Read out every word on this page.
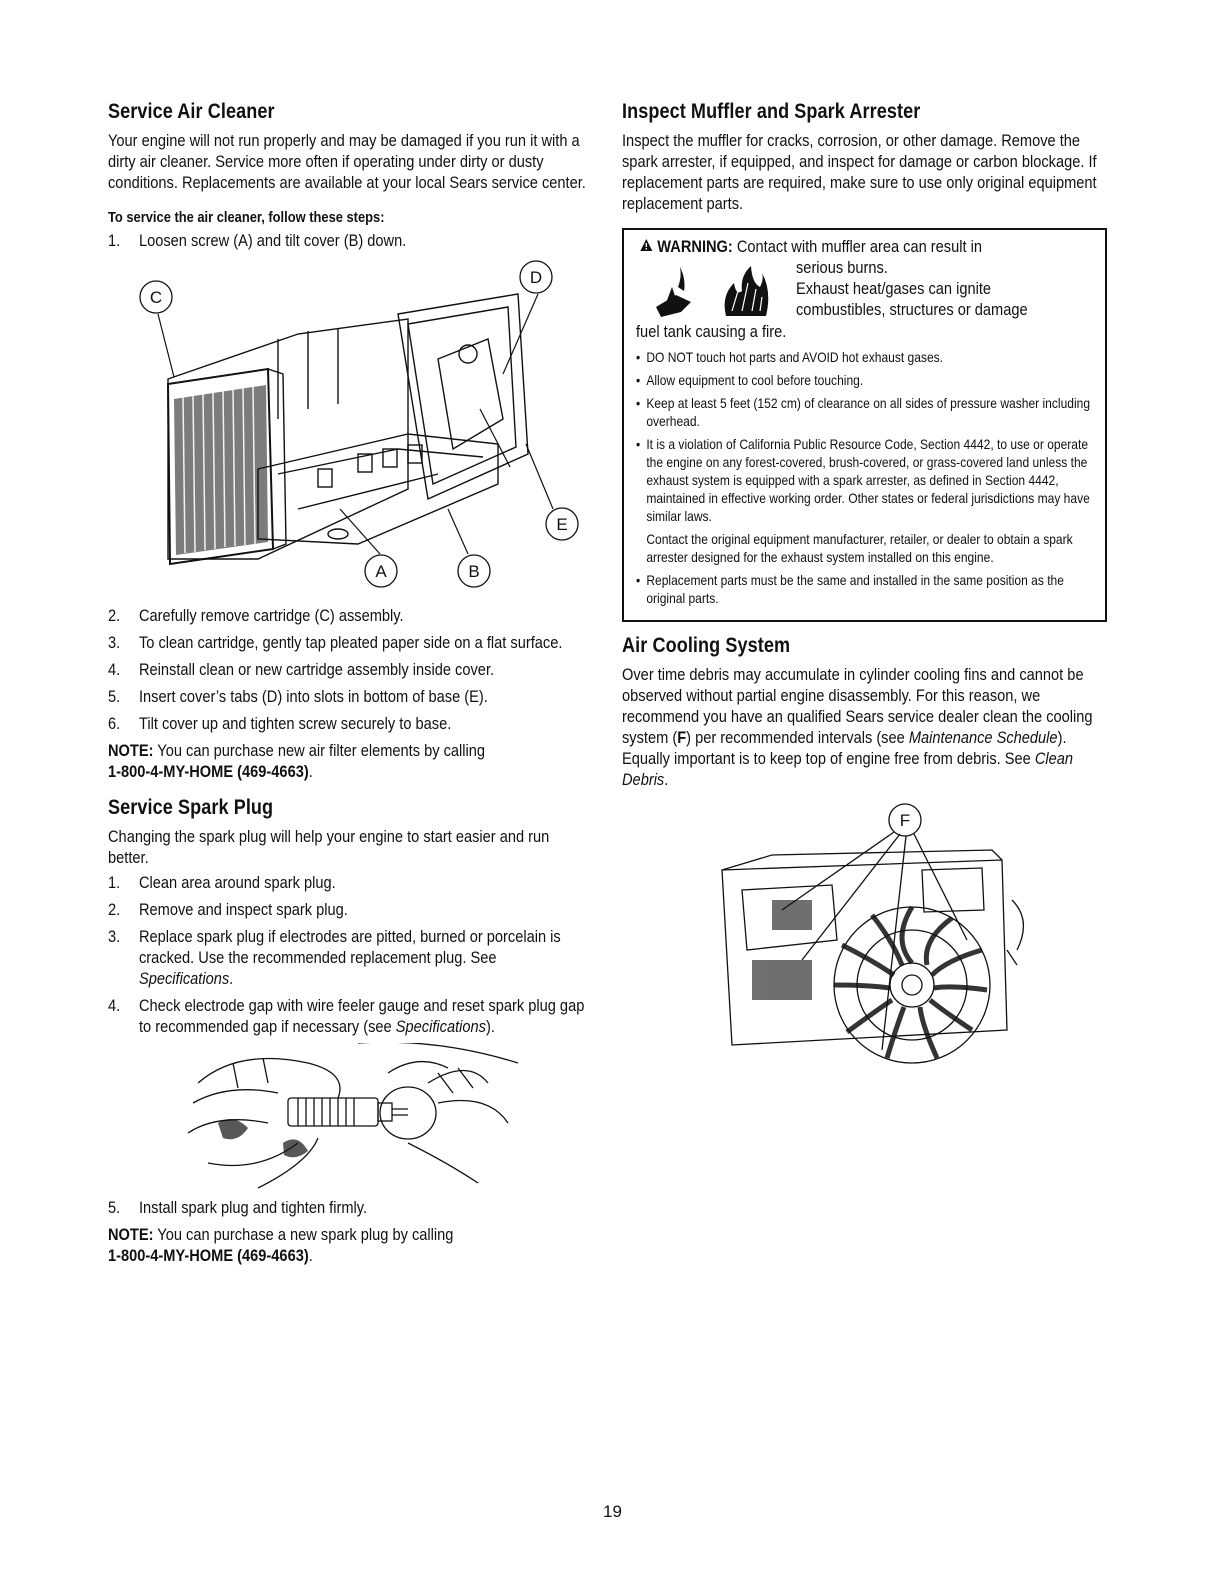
Service Air Cleaner

Your engine will not run properly and may be damaged if you run it with a dirty air cleaner. Service more often if operating under dirty or dusty conditions. Replacements are available at your local Sears service center.

To service the air cleaner, follow these steps:
1.	Loosen screw (A) and tilt cover (B) down.
C
D
E
A	B
2.	Carefully remove cartridge (C) assembly.
3.	To clean cartridge, gently tap pleated paper side on a flat surface.
4.	Reinstall clean or new cartridge assembly inside cover.
5.	Insert cover’s tabs (D) into slots in bottom of base (E).
6.	Tilt cover up and tighten screw securely to base.

NOTE: You can purchase new air filter elements by calling
1-800-4-MY-HOME (469-4663).

Service Spark Plug

Changing the spark plug will help your engine to start easier and run better.

1.	Clean area around spark plug.
2.	Remove and inspect spark plug.
3.	Replace spark plug if electrodes are pitted, burned or porcelain is cracked. Use the recommended replacement plug. See Specifications.
4.	Check electrode gap with wire feeler gauge and reset spark plug gap to recommended gap if necessary (see Specifications).
5.	Install spark plug and tighten firmly.

NOTE: You can purchase a new spark plug by calling
1-800-4-MY-HOME (469-4663).

Inspect Muffler and Spark Arrester

Inspect the muffler for cracks, corrosion, or other damage. Remove the spark arrester, if equipped, and inspect for damage or carbon blockage. If replacement parts are required, make sure to use only original equipment replacement parts.

WARNING: Contact with muffler area can result in
serious burns.
Exhaust heat/gases can ignite
combustibles, structures or damage
fuel tank causing a fire.
• DO NOT touch hot parts and AVOID hot exhaust gases.
• Allow equipment to cool before touching.
• Keep at least 5 feet (152 cm) of clearance on all sides of pressure washer including overhead.
• It is a violation of California Public Resource Code, Section 4442, to use or operate the engine on any forest-covered, brush-covered, or grass-covered land unless the exhaust system is equipped with a spark arrester, as defined in Section 4442, maintained in effective working order. Other states or federal jurisdictions may have similar laws.
Contact the original equipment manufacturer, retailer, or dealer to obtain a spark arrester designed for the exhaust system installed on this engine.
• Replacement parts must be the same and installed in the same position as the original parts.
Air Cooling System

Over time debris may accumulate in cylinder cooling fins and cannot be observed without partial engine disassembly. For this reason, we recommend you have an qualified Sears service dealer clean the cooling system (F) per recommended intervals (see Maintenance Schedule). Equally important is to keep top of engine free from debris. See Clean Debris.

F
19
